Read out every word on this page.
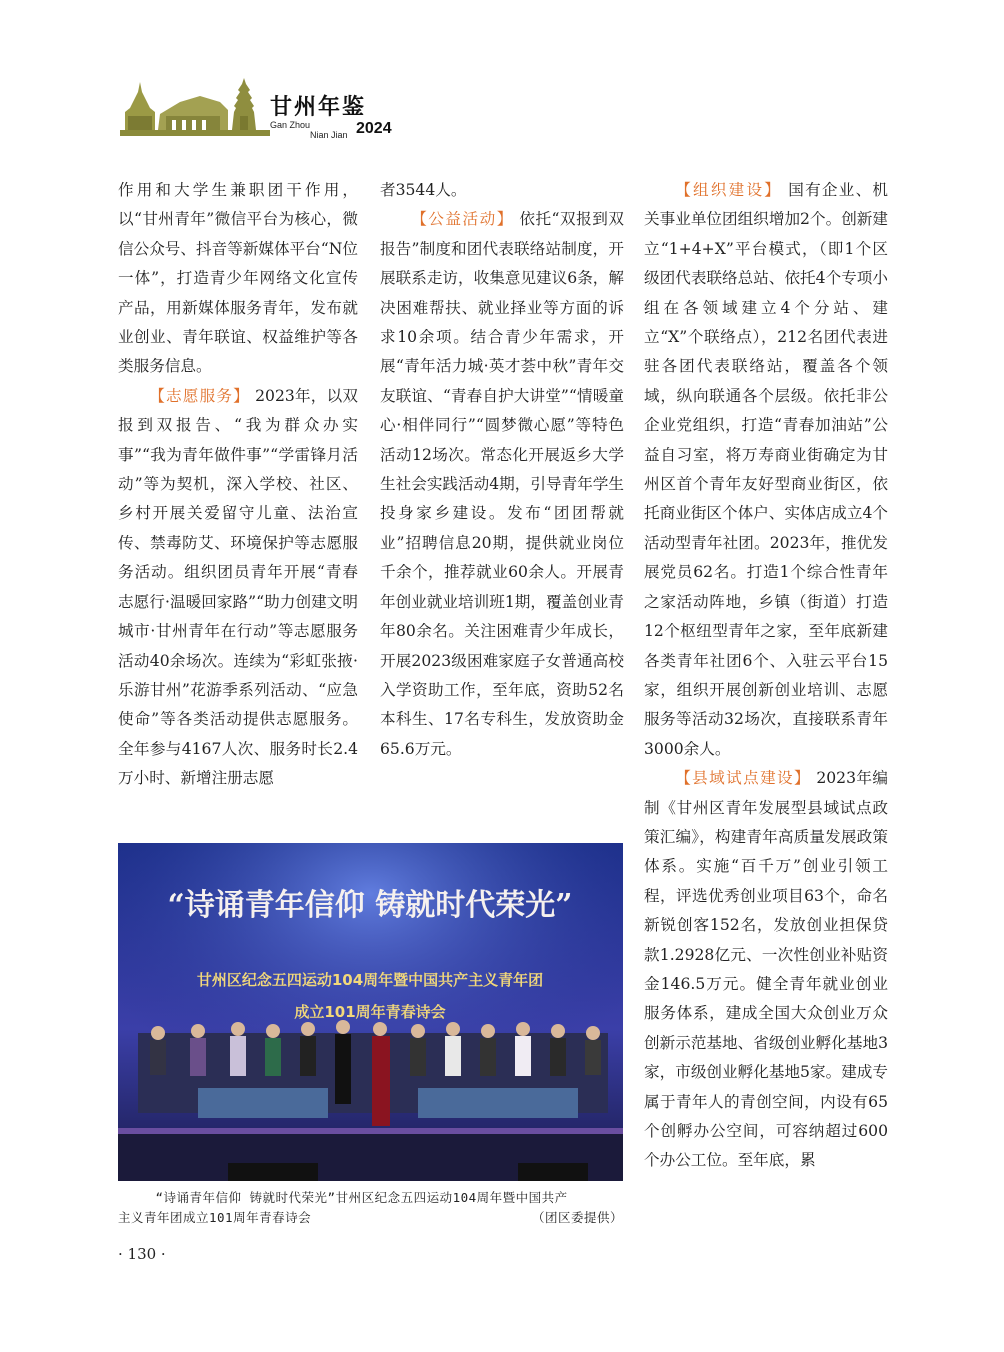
甘州年鉴
Gan Zhou
Nian Jian 2024

作用和大学生兼职团干作用，以“甘州青年”微信平台为核心，微信公众号、抖音等新媒体平台“N位一体”，打造青少年网络文化宣传产品，用新媒体服务青年，发布就业创业、青年联谊、权益维护等各类服务信息。

【志愿服务】 2023年，以双报到双报告、“我为群众办实事”“我为青年做件事”“学雷锋月活动”等为契机，深入学校、社区、乡村开展关爱留守儿童、法治宣传、禁毒防艾、环境保护等志愿服务活动。组织团员青年开展“青春志愿行·温暖回家路”“助力创建文明城市·甘州青年在行动”等志愿服务活动40余场次。连续为“彩虹张掖·乐游甘州”花游季系列活动、“应急使命”等各类活动提供志愿服务。全年参与4167人次、服务时长2.4万小时、新增注册志愿

者3544人。

【公益活动】 依托“双报到双报告”制度和团代表联络站制度，开展联系走访，收集意见建议6条，解决困难帮扶、就业择业等方面的诉求10余项。结合青少年需求，开展“青年活力城·英才荟中秋”青年交友联谊、“青春自护大讲堂”“情暖童心·相伴同行”“圆梦微心愿”等特色活动12场次。常态化开展返乡大学生社会实践活动4期，引导青年学生投身家乡建设。发布“团团帮就业”招聘信息20期，提供就业岗位千余个，推荐就业60余人。开展青年创业就业培训班1期，覆盖创业青年80余名。关注困难青少年成长，开展2023级困难家庭子女普通高校入学资助工作，至年底，资助52名本科生、17名专科生，发放资助金65.6万元。

【组织建设】 国有企业、机关事业单位团组织增加2个。创新建立“1+4+X”平台模式，（即1个区级团代表联络总站、依托4个专项小组在各领域建立4个分站、建立“X”个联络点），212名团代表进驻各团代表联络站，覆盖各个领域，纵向联通各个层级。依托非公企业党组织，打造“青春加油站”公益自习室，将万寿商业街确定为甘州区首个青年友好型商业街区，依托商业街区个体户、实体店成立4个活动型青年社团。2023年，推优发展党员62名。打造1个综合性青年之家活动阵地，乡镇（街道）打造12个枢纽型青年之家，至年底新建各类青年社团6个、入驻云平台15家，组织开展创新创业培训、志愿服务等活动32场次，直接联系青年3000余人。

【县域试点建设】 2023年编制《甘州区青年发展型县域试点政策汇编》，构建青年高质量发展政策体系。实施“百千万”创业引领工程，评选优秀创业项目63个，命名新锐创客152名，发放创业担保贷款1.2928亿元、一次性创业补贴资金146.5万元。健全青年就业创业服务体系，建成全国大众创业万众创新示范基地、省级创业孵化基地3家，市级创业孵化基地5家。建成专属于青年人的青创空间，内设有65个创孵办公空间，可容纳超过600个办公工位。至年底，累

“诗诵青年信仰 铸就时代荣光”
甘州区纪念五四运动104周年暨中国共产主义青年团
成立101周年青春诗会
“诗诵青年信仰 铸就时代荣光”甘州区纪念五四运动104周年暨中国共产
主义青年团成立101周年青春诗会	（团区委提供）
· 130 ·
